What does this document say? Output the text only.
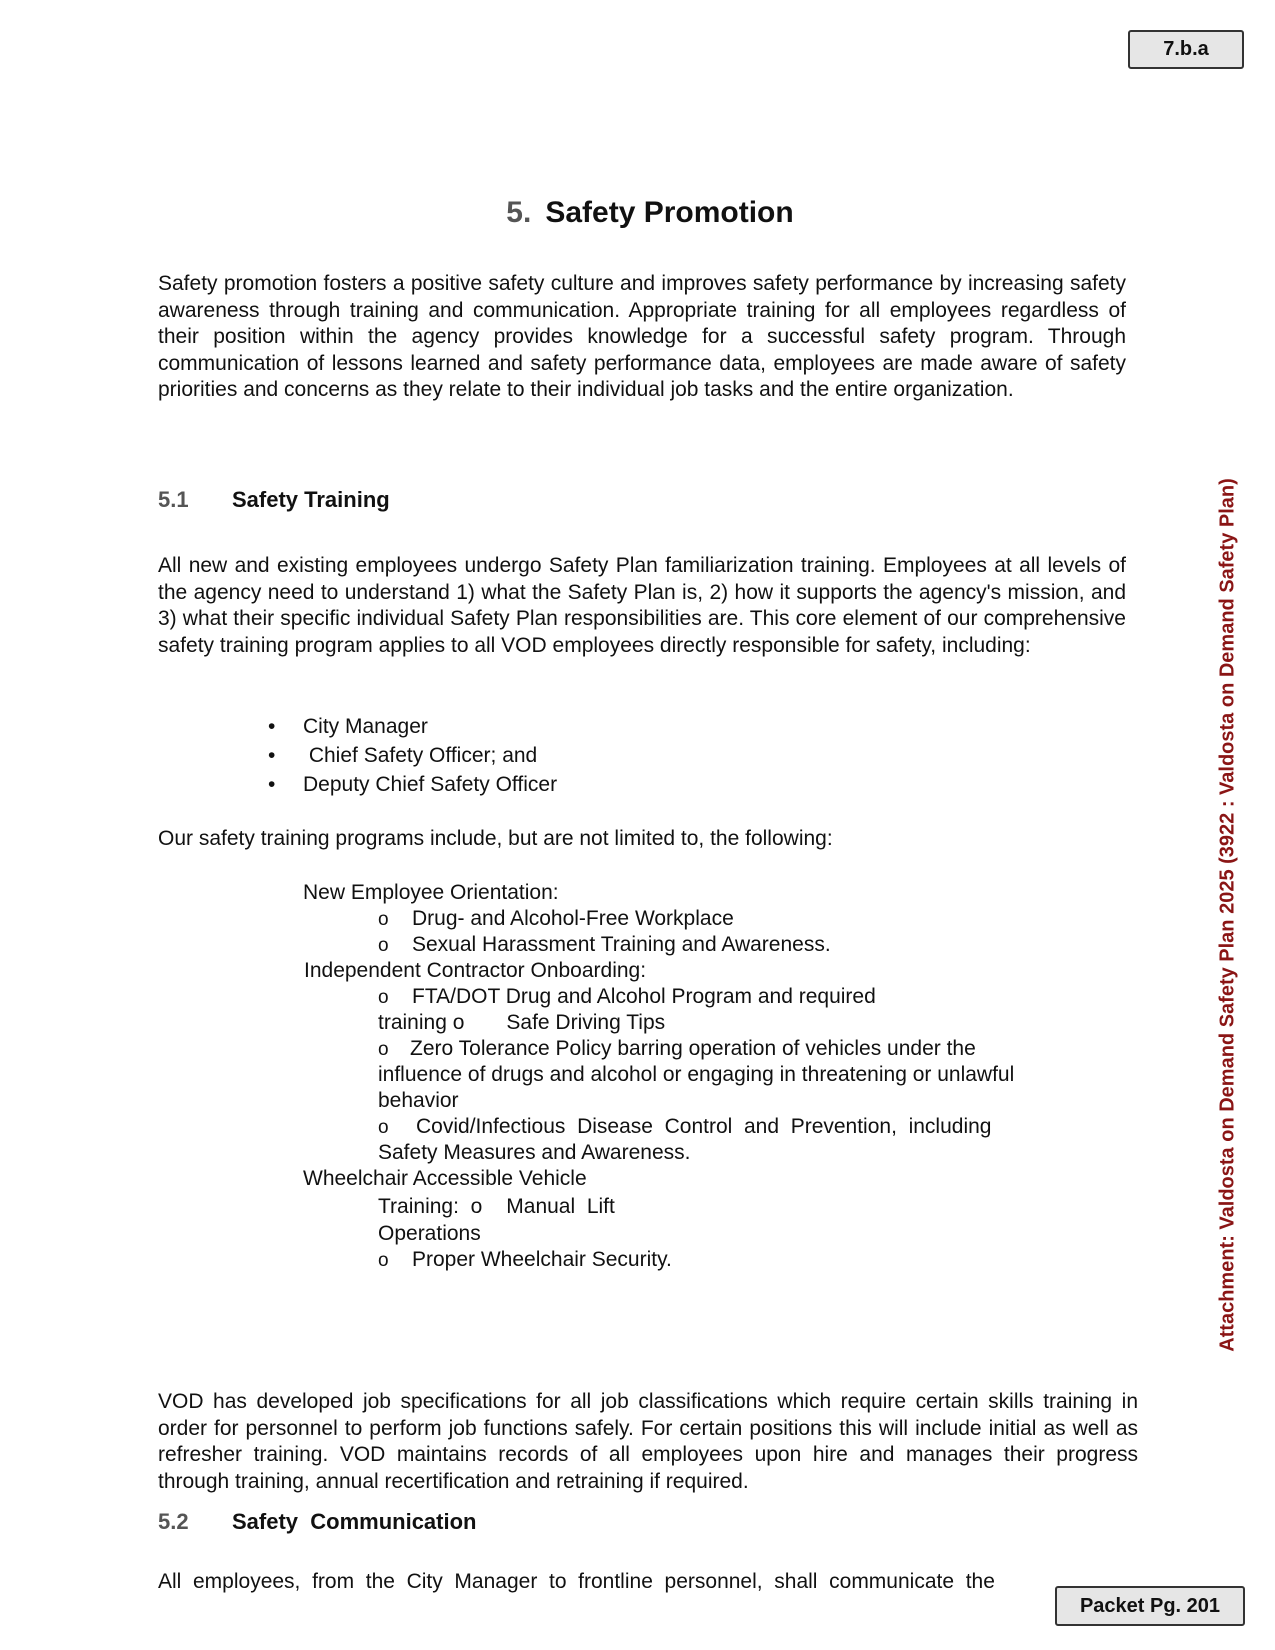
7.b.a
Attachment: Valdosta on Demand Safety Plan 2025 (3922 : Valdosta on Demand Safety Plan)
5. Safety Promotion

Safety promotion fosters a positive safety culture and improves safety performance by increasing safety awareness through training and communication. Appropriate training for all employees regardless of their position within the agency provides knowledge for a successful safety program. Through communication of lessons learned and safety performance data, employees are made aware of safety priorities and concerns as they relate to their individual job tasks and the entire organization.

5.1 Safety Training

All new and existing employees undergo Safety Plan familiarization training. Employees at all levels of the agency need to understand 1) what the Safety Plan is, 2) how it supports the agency's mission, and 3) what their specific individual Safety Plan responsibilities are. This core element of our comprehensive safety training program applies to all VOD employees directly responsible for safety, including:

• City Manager
• Chief Safety Officer; and
• Deputy Chief Safety Officer

Our safety training programs include, but are not limited to, the following:

New Employee Orientation:
o Drug- and Alcohol-Free Workplace
o Sexual Harassment Training and Awareness.
Independent Contractor Onboarding:
o FTA/DOT Drug and Alcohol Program and required
training o Safe Driving Tips
o Zero Tolerance Policy barring operation of vehicles under the
influence of drugs and alcohol or engaging in threatening or unlawful
behavior
o Covid/Infectious  Disease  Control  and  Prevention,  including
Safety Measures and Awareness.
Wheelchair Accessible Vehicle
Training:  o Manual  Lift
Operations
o Proper Wheelchair Security.

VOD has developed job specifications for all job classifications which require certain skills training in order for personnel to perform job functions safely. For certain positions this will include initial as well as refresher training. VOD maintains records of all employees upon hire and manages their progress through training, annual recertification and retraining if required.

5.2 Safety  Communication

All  employees,  from  the  City  Manager  to  frontline  personnel,  shall  communicate  the

Packet Pg. 201
